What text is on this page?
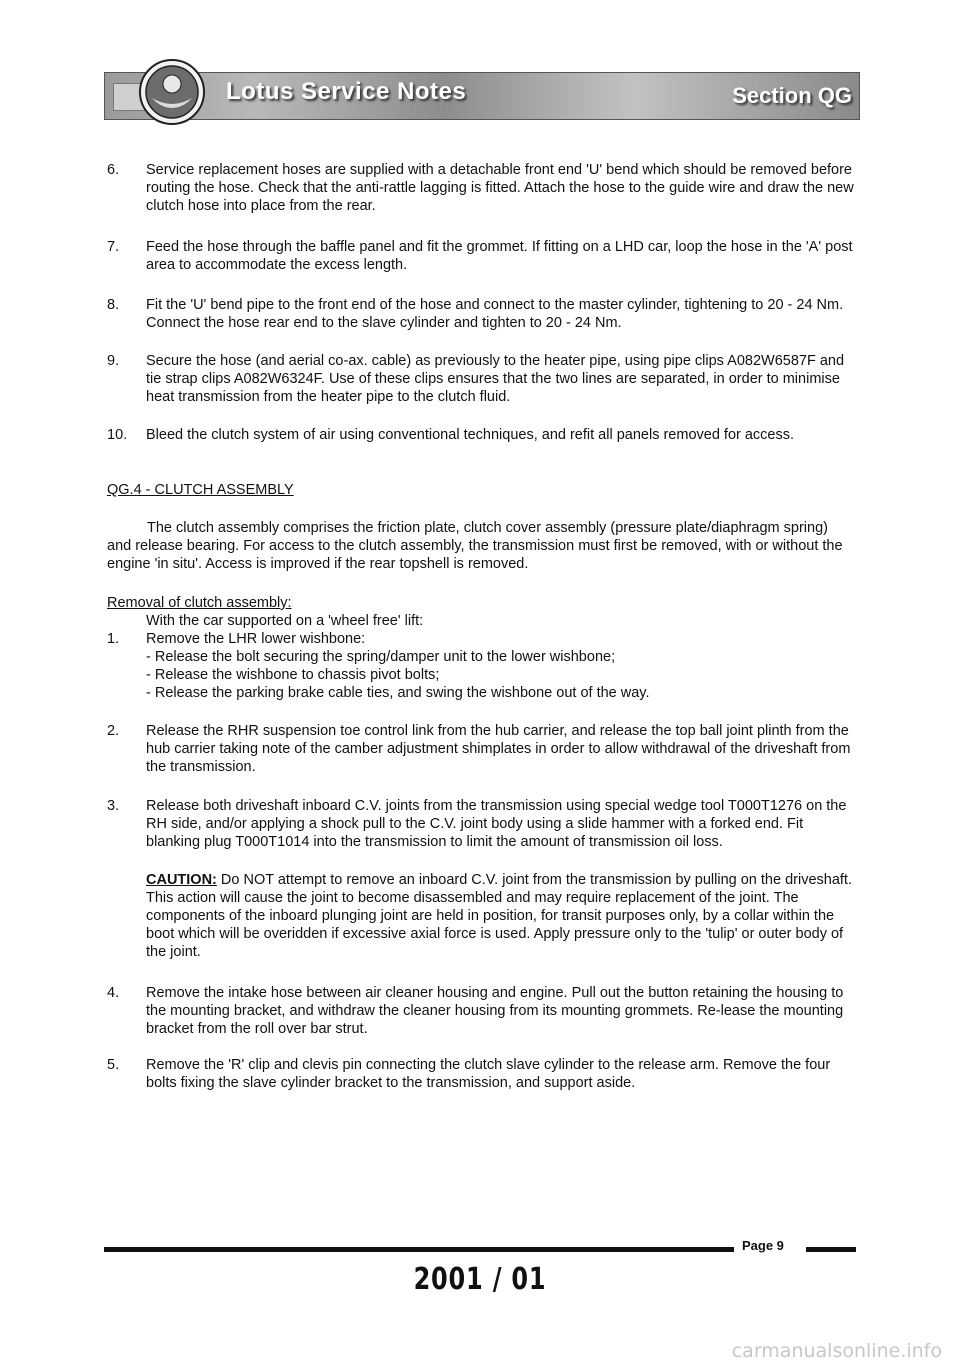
Lotus Service Notes	Section QG
6. Service replacement hoses are supplied with a detachable front end 'U' bend which should be removed before routing the hose. Check that the anti-rattle lagging is fitted. Attach the hose to the guide wire and draw the new clutch hose into place from the rear.
7. Feed the hose through the baffle panel and fit the grommet. If fitting on a LHD car, loop the hose in the 'A' post area to accommodate the excess length.
8. Fit the 'U' bend pipe to the front end of the hose and connect to the master cylinder, tightening to 20 - 24 Nm. Connect the hose rear end to the slave cylinder and tighten to 20 - 24 Nm.
9. Secure the hose (and aerial co-ax. cable) as previously to the heater pipe, using pipe clips A082W6587F and tie strap clips A082W6324F. Use of these clips ensures that the two lines are separated, in order to minimise heat transmission from the heater pipe to the clutch fluid.
10. Bleed the clutch system of air using conventional techniques, and refit all panels removed for access.
QG.4 - CLUTCH ASSEMBLY
The clutch assembly comprises the friction plate, clutch cover assembly (pressure plate/diaphragm spring) and release bearing. For access to the clutch assembly, the transmission must first be removed, with or without the engine 'in situ'. Access is improved if the rear topshell is removed.
Removal of clutch assembly:
With the car supported on a 'wheel free' lift:
1. Remove the LHR lower wishbone:
- Release the bolt securing the spring/damper unit to the lower wishbone;
- Release the wishbone to chassis pivot bolts;
- Release the parking brake cable ties, and swing the wishbone out of the way.
2. Release the RHR suspension toe control link from the hub carrier, and release the top ball joint plinth from the hub carrier taking note of the camber adjustment shimplates in order to allow withdrawal of the driveshaft from the transmission.
3. Release both driveshaft inboard C.V. joints from the transmission using special wedge tool T000T1276 on the RH side, and/or applying a shock pull to the C.V. joint body using a slide hammer with a forked end. Fit blanking plug T000T1014 into the transmission to limit the amount of transmission oil loss.
CAUTION: Do NOT attempt to remove an inboard C.V. joint from the transmission by pulling on the driveshaft. This action will cause the joint to become disassembled and may require replacement of the joint. The components of the inboard plunging joint are held in position, for transit purposes only, by a collar within the boot which will be overidden if excessive axial force is used. Apply pressure only to the 'tulip' or outer body of the joint.
4. Remove the intake hose between air cleaner housing and engine. Pull out the button retaining the housing to the mounting bracket, and withdraw the cleaner housing from its mounting grommets. Re-lease the mounting bracket from the roll over bar strut.
5. Remove the 'R' clip and clevis pin connecting the clutch slave cylinder to the release arm. Remove the four bolts fixing the slave cylinder bracket to the transmission, and support aside.
Page 9
2001 / 01
carmanualsonline.info
